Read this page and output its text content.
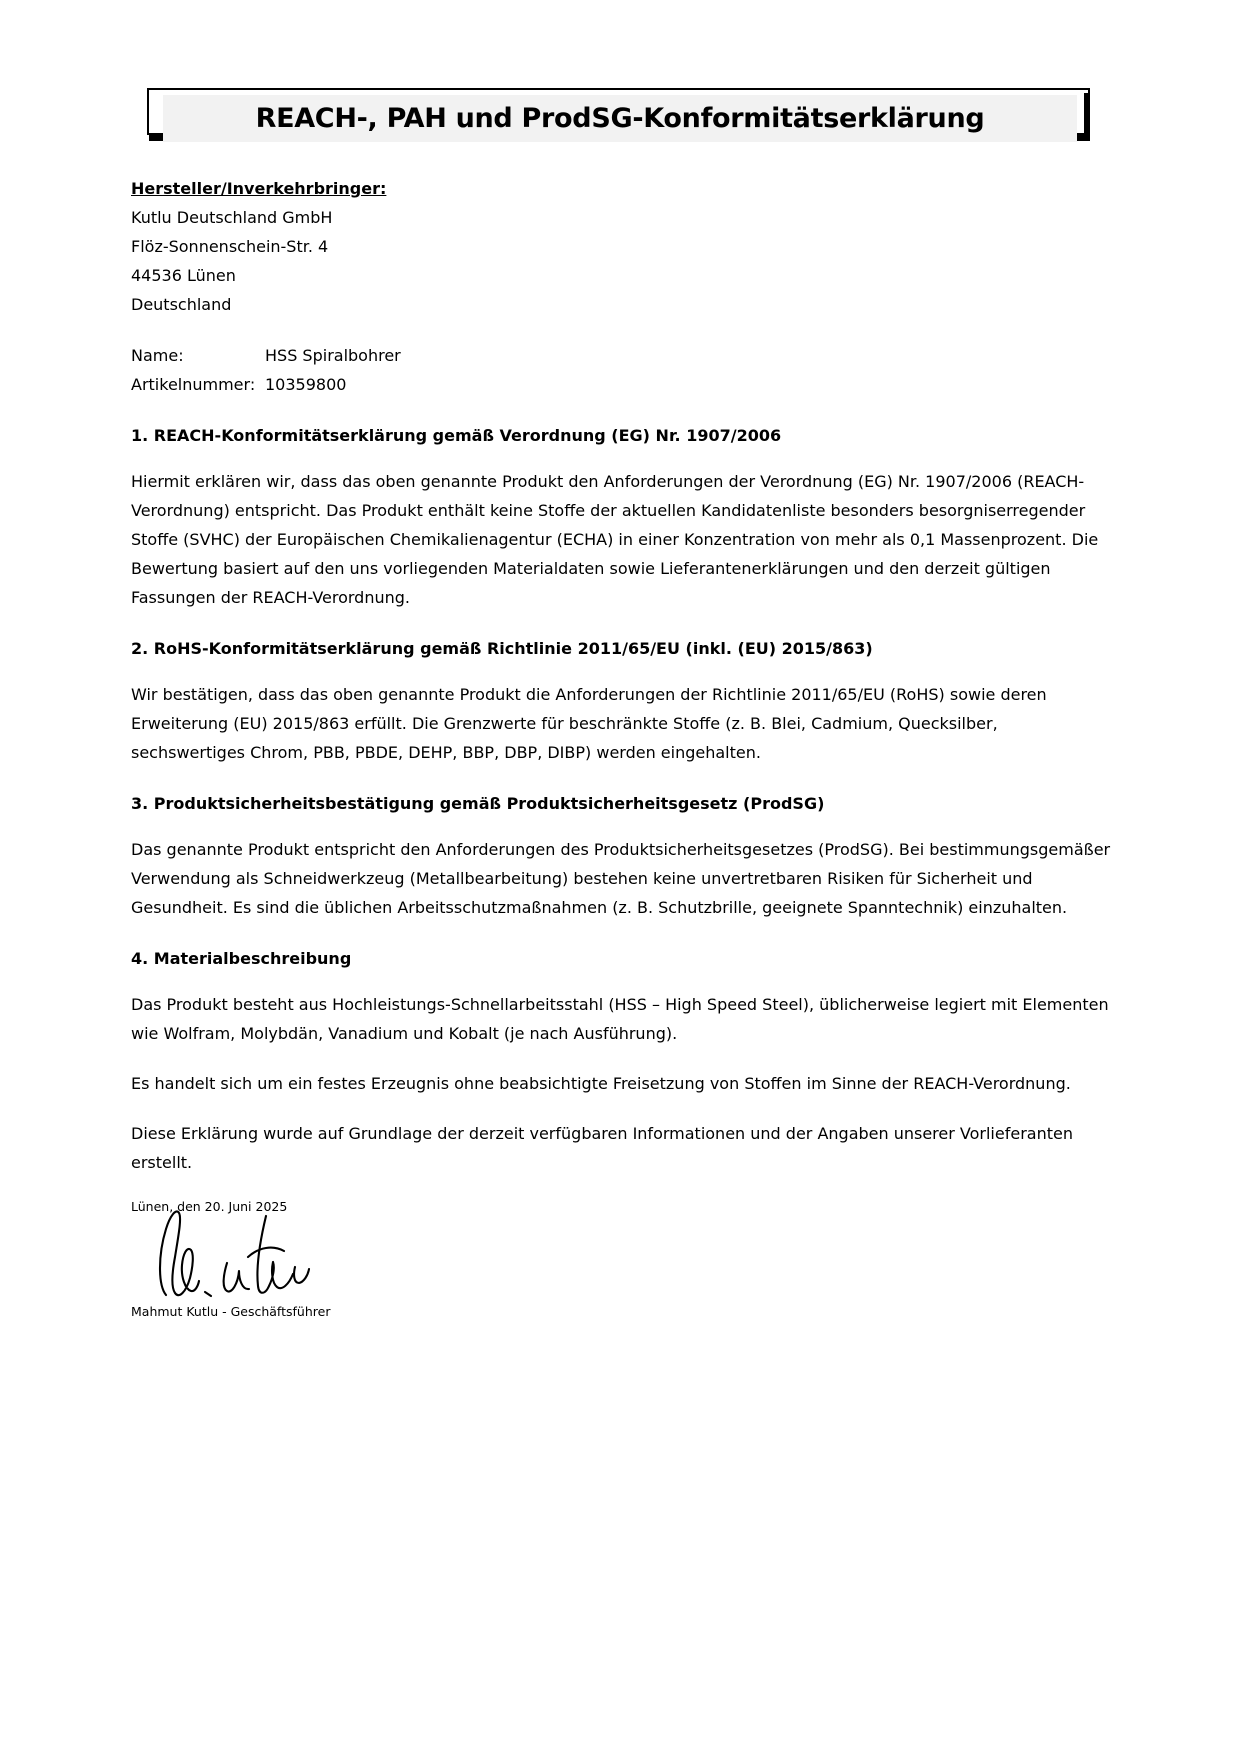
REACH-, PAH und ProdSG-Konformitätserklärung

Hersteller/Inverkehrbringer:

Kutlu Deutschland GmbH

Flöz-Sonnenschein-Str. 4

44536 Lünen

Deutschland

Name:	HSS Spiralbohrer
Artikelnummer: 10359800
1. REACH-Konformitätserklärung gemäß Verordnung (EG) Nr. 1907/2006

Hiermit erklären wir, dass das oben genannte Produkt den Anforderungen der Verordnung (EG) Nr. 1907/2006 (REACH-Verordnung) entspricht. Das Produkt enthält keine Stoffe der aktuellen Kandidatenliste besonders besorgniserregender Stoffe (SVHC) der Europäischen Chemikalienagentur (ECHA) in einer Konzentration von mehr als 0,1 Massenprozent. Die Bewertung basiert auf den uns vorliegenden Materialdaten sowie Lieferantenerklärungen und den derzeit gültigen Fassungen der REACH-Verordnung.

2. RoHS-Konformitätserklärung gemäß Richtlinie 2011/65/EU (inkl. (EU) 2015/863)

Wir bestätigen, dass das oben genannte Produkt die Anforderungen der Richtlinie 2011/65/EU (RoHS) sowie deren Erweiterung (EU) 2015/863 erfüllt. Die Grenzwerte für beschränkte Stoffe (z. B. Blei, Cadmium, Quecksilber, sechswertiges Chrom, PBB, PBDE, DEHP, BBP, DBP, DIBP) werden eingehalten.

3. Produktsicherheitsbestätigung gemäß Produktsicherheitsgesetz (ProdSG)

Das genannte Produkt entspricht den Anforderungen des Produktsicherheitsgesetzes (ProdSG). Bei bestimmungsgemäßer Verwendung als Schneidwerkzeug (Metallbearbeitung) bestehen keine unvertretbaren Risiken für Sicherheit und Gesundheit. Es sind die üblichen Arbeitsschutzmaßnahmen (z. B. Schutzbrille, geeignete Spanntechnik) einzuhalten.

4. Materialbeschreibung

Das Produkt besteht aus Hochleistungs-Schnellarbeitsstahl (HSS – High Speed Steel), üblicherweise legiert mit Elementen wie Wolfram, Molybdän, Vanadium und Kobalt (je nach Ausführung).

Es handelt sich um ein festes Erzeugnis ohne beabsichtigte Freisetzung von Stoffen im Sinne der REACH-Verordnung.

Diese Erklärung wurde auf Grundlage der derzeit verfügbaren Informationen und der Angaben unserer Vorlieferanten erstellt.

Lünen, den 20. Juni 2025

Mahmut Kutlu - Geschäftsführer
